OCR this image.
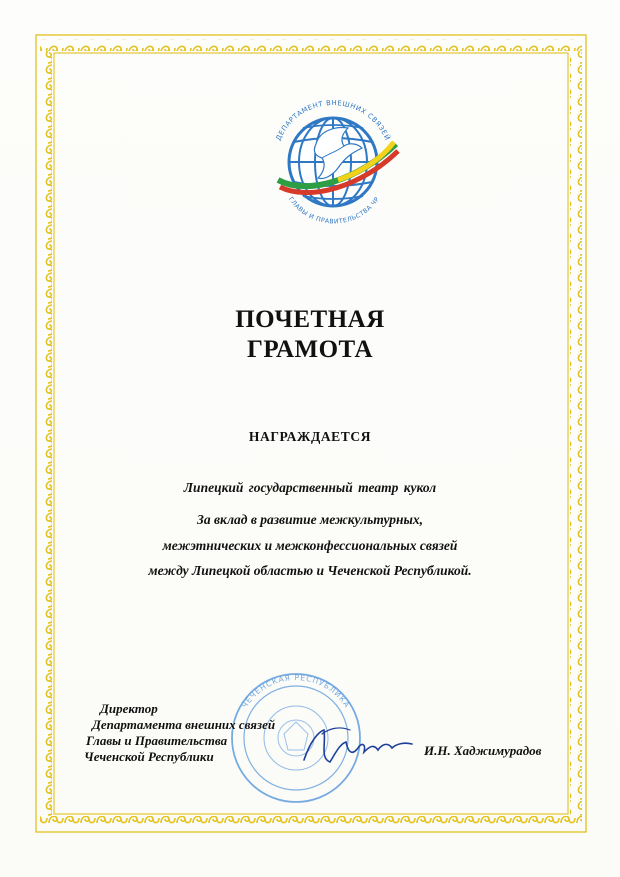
ДЕПАРТАМЕНТ ВНЕШНИХ СВЯЗЕЙ
ГЛАВЫ И ПРАВИТЕЛЬСТВА ЧР
ПОЧЕТНАЯ
ГРАМОТА
НАГРАЖДАЕТСЯ
Липецкий государственный театр кукол
За вклад в развитие межкультурных,
межэтнических и межконфессиональных связей
между Липецкой областью и Чеченской Республикой.
ЧЕЧЕНСКАЯ РЕСПУБЛИКА
Директор
Департамента внешних связей
Главы и Правительства
Чеченской Республики	И.Н. Хаджимурадов
